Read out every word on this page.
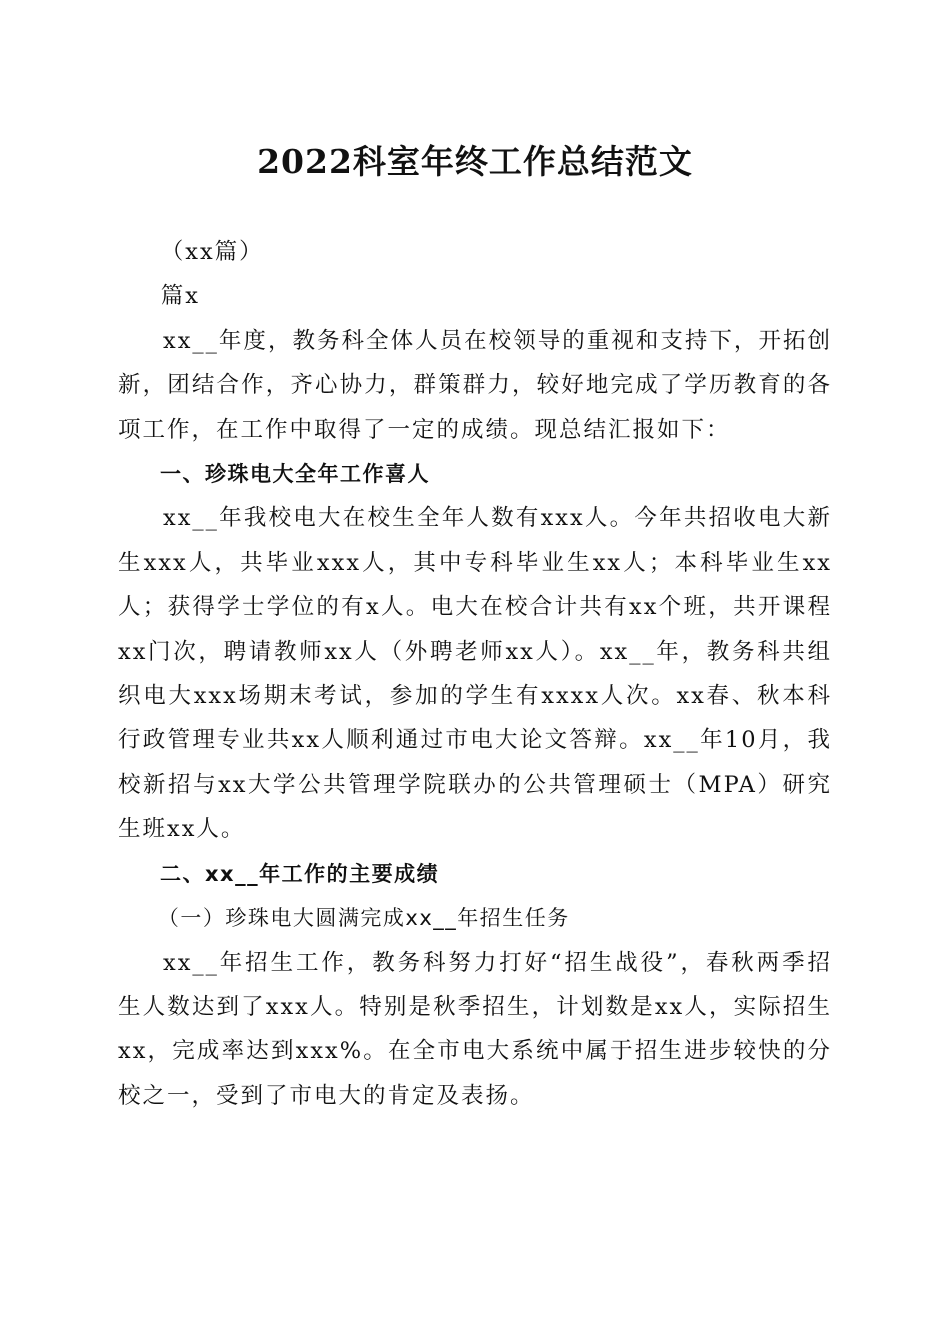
2022科室年终工作总结范文

（xx篇）

篇x

xx__年度，教务科全体人员在校领导的重视和支持下，开拓创新，团结合作，齐心协力，群策群力，较好地完成了学历教育的各项工作，在工作中取得了一定的成绩。现总结汇报如下：

一、珍珠电大全年工作喜人

xx__年我校电大在校生全年人数有xxx人。今年共招收电大新生xxx人，共毕业xxx人，其中专科毕业生xx人；本科毕业生xx人；获得学士学位的有x人。电大在校合计共有xx个班，共开课程xx门次，聘请教师xx人（外聘老师xx人）。xx__年，教务科共组织电大xxx场期末考试，参加的学生有xxxx人次。xx春、秋本科行政管理专业共xx人顺利通过市电大论文答辩。xx__年10月，我校新招与xx大学公共管理学院联办的公共管理硕士（MPA）研究生班xx人。

二、xx__年工作的主要成绩

（一）珍珠电大圆满完成xx__年招生任务

xx__年招生工作，教务科努力打好“招生战役”，春秋两季招生人数达到了xxx人。特别是秋季招生，计划数是xx人，实际招生xx，完成率达到xxx%。在全市电大系统中属于招生进步较快的分校之一，受到了市电大的肯定及表扬。
